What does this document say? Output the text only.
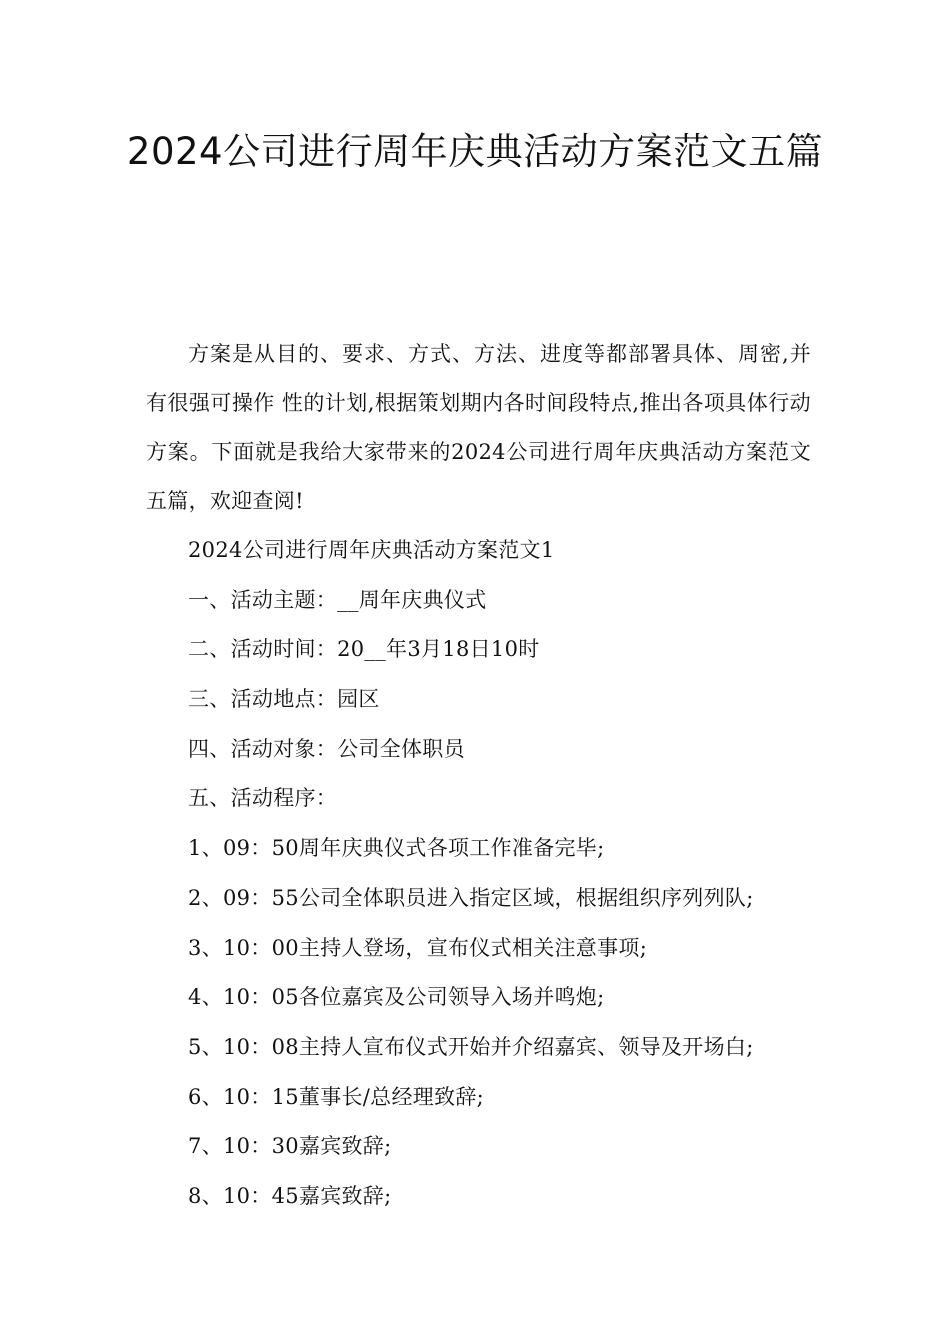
2024公司进行周年庆典活动方案范文五篇

方案是从目的、要求、方式、方法、进度等都部署具体、周密,并有很强可操作 性的计划,根据策划期内各时间段特点,推出各项具体行动方案。下面就是我给大家带来的2024公司进行周年庆典活动方案范文五篇，欢迎查阅!

2024公司进行周年庆典活动方案范文1
一、活动主题：__周年庆典仪式
二、活动时间：20__年3月18日10时
三、活动地点：园区
四、活动对象：公司全体职员
五、活动程序：
1、09：50周年庆典仪式各项工作准备完毕;
2、09：55公司全体职员进入指定区域，根据组织序列列队;
3、10：00主持人登场，宣布仪式相关注意事项;
4、10：05各位嘉宾及公司领导入场并鸣炮;
5、10：08主持人宣布仪式开始并介绍嘉宾、领导及开场白;
6、10：15董事长/总经理致辞;
7、10：30嘉宾致辞;
8、10：45嘉宾致辞;
